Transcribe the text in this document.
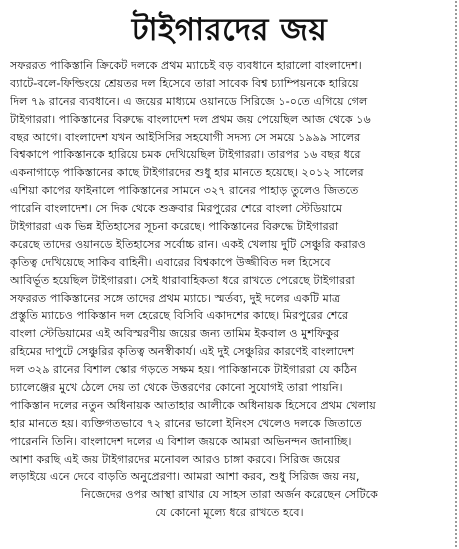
টাইগারদের জয়
সফররত পাকিস্তানি ক্রিকেট দলকে প্রথম ম্যাচেই বড় ব্যবধানে হারালো বাংলাদেশ।
ব্যাটে-বলে-ফিল্ডিংয়ে শ্রেয়তর দল হিসেবে তারা সাবেক বিশ্ব চ্যাম্পিয়নকে হারিয়ে
দিল ৭৯ রানের ব্যবধানে। এ জয়ের মাধ্যমে ওয়ানডে সিরিজে ১-০তে এগিয়ে গেল
টাইগাররা। পাকিস্তানের বিরুদ্ধে বাংলাদেশ দল প্রথম জয় পেয়েছিল আজ থেকে ১৬
বছর আগে। বাংলাদেশ যখন আইসিসির সহযোগী সদস্য সে সময়ে ১৯৯৯ সালের
বিশ্বকাপে পাকিস্তানকে হারিয়ে চমক দেখিয়েছিল টাইগাররা। তারপর ১৬ বছর ধরে
একনাগাড়ে পাকিস্তানের কাছে টাইগারদের শুধু হার মানতে হয়েছে। ২০১২ সালের
এশিয়া কাপের ফাইনালে পাকিস্তানের সামনে ৩২৭ রানের পাহাড় তুলেও জিততে
পারেনি বাংলাদেশ। সে দিক থেকে শুক্রবার মিরপুরের শেরে বাংলা স্টেডিয়ামে
টাইগাররা এক ভিন্ন ইতিহাসের সূচনা করেছে। পাকিস্তানের বিরুদ্ধে টাইগাররা
করেছে তাদের ওয়ানডে ইতিহাসের সর্বোচ্চ রান। একই খেলায় দুটি সেঞ্চুরি করারও
কৃতিত্ব দেখিয়েছে সাকিব বাহিনী। এবারের বিশ্বকাপে উজ্জীবিত দল হিসেবে
আবির্ভূত হয়েছিল টাইগাররা। সেই ধারাবাহিকতা ধরে রাখতে পেরেছে টাইগাররা
সফররত পাকিস্তানের সঙ্গে তাদের প্রথম ম্যাচে। স্মর্তব্য, দুই দলের একটি মাত্র
প্রস্তুতি ম্যাচেও পাকিস্তান দল হেরেছে বিসিবি একাদশের কাছে। মিরপুরের শেরে
বাংলা স্টেডিয়ামের এই অবিস্মরণীয় জয়ের জন্য তামিম ইকবাল ও মুশফিকুর
রহিমের দাপুটে সেঞ্চুরির কৃতিত্ব অনস্বীকার্য। এই দুই সেঞ্চুরির কারণেই বাংলাদেশ
দল ৩২৯ রানের বিশাল স্কোর গড়তে সক্ষম হয়। পাকিস্তানকে টাইগাররা যে কঠিন
চ্যালেঞ্জের মুখে ঠেলে দেয় তা থেকে উত্তরণের কোনো সুযোগই তারা পায়নি।
পাকিস্তান দলের নতুন অধিনায়ক আতাহার আলীকে অধিনায়ক হিসেবে প্রথম খেলায়
হার মানতে হয়। ব্যক্তিগতভাবে ৭২ রানের ভালো ইনিংস খেলেও দলকে জিতাতে
পারেননি তিনি। বাংলাদেশ দলের এ বিশাল জয়কে আমরা অভিনন্দন জানাচ্ছি।
আশা করছি এই জয় টাইগারদের মনোবল আরও চাঙ্গা করবে। সিরিজ জয়ের
লড়াইয়ে এনে দেবে বাড়তি অনুপ্রেরণা। আমরা আশা করব, শুধু সিরিজ জয় নয়,
নিজেদের ওপর আস্থা রাখার যে সাহস তারা অর্জন করেছেন সেটিকে
যে কোনো মূল্যে ধরে রাখতে হবে।
